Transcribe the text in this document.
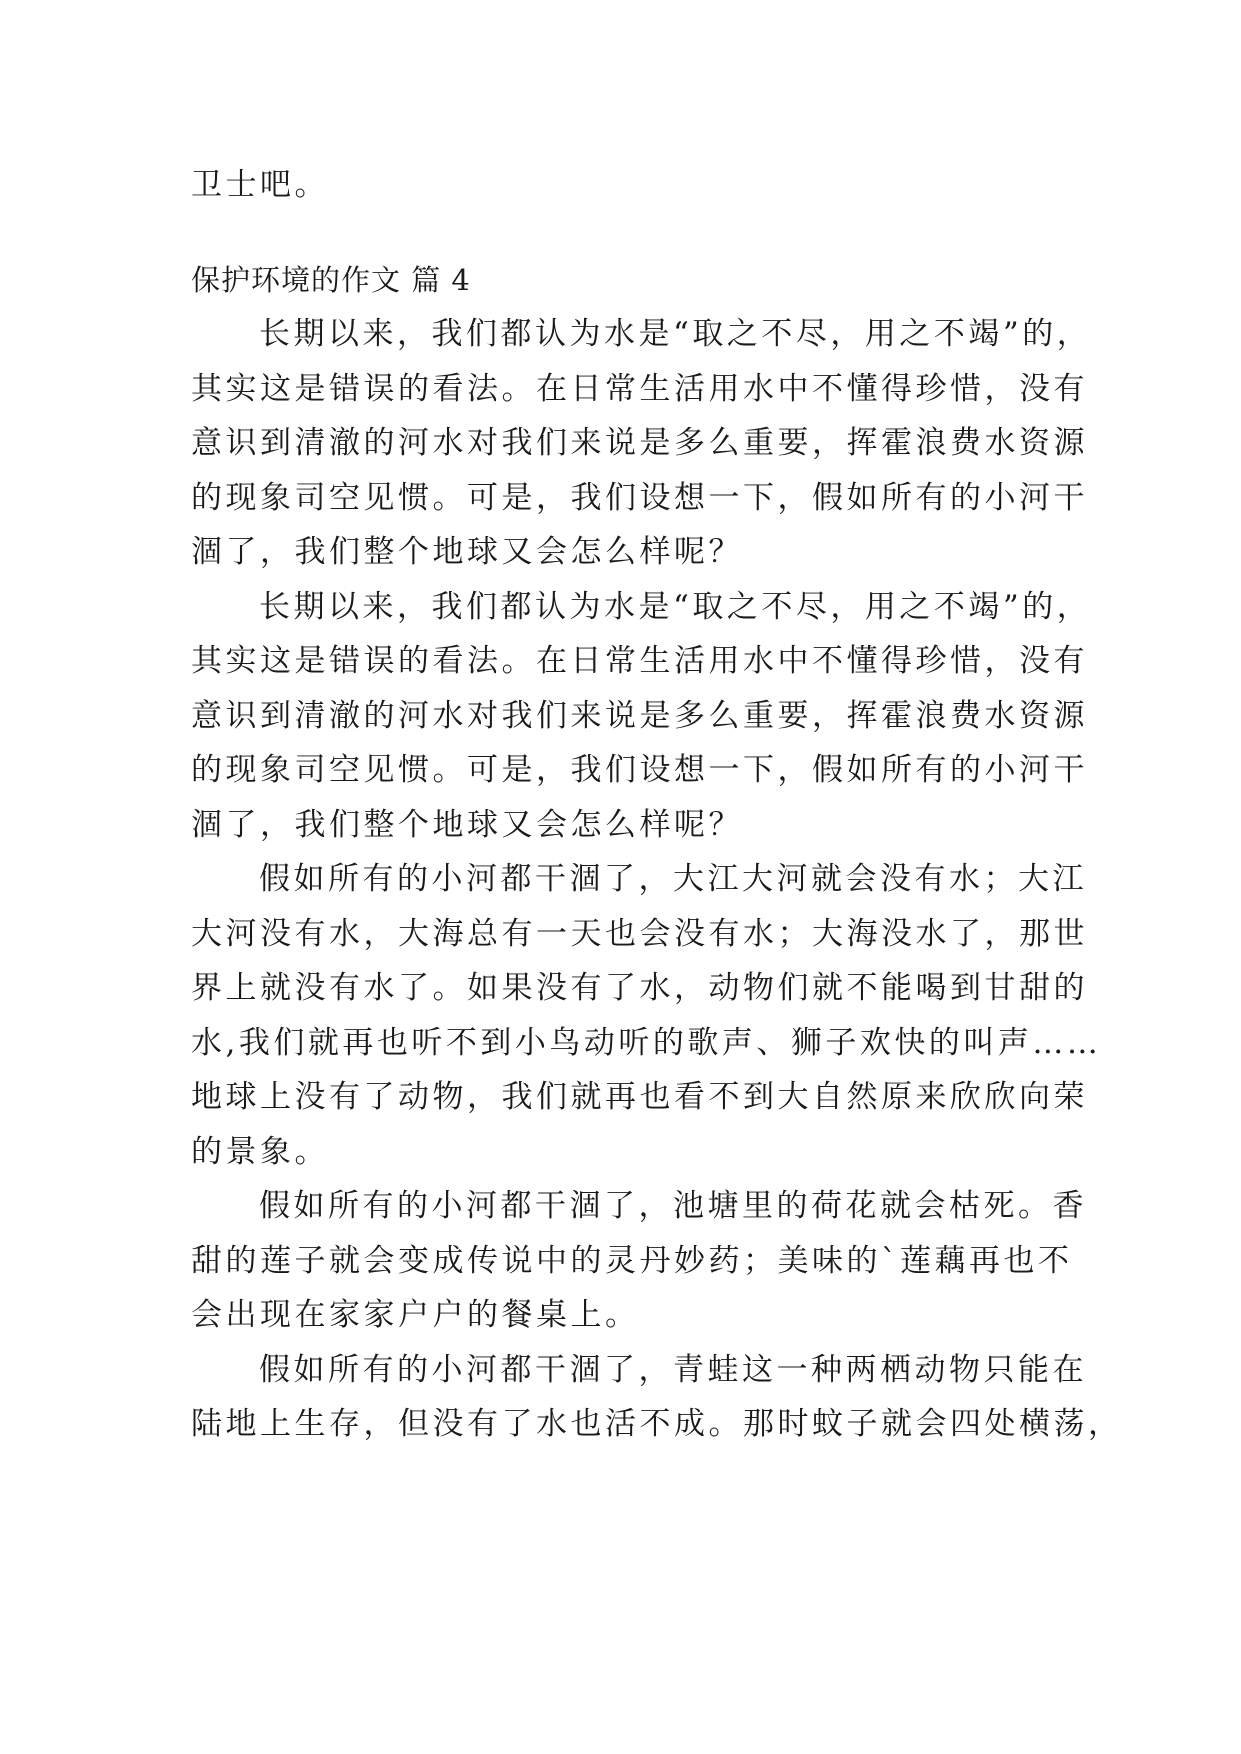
卫士吧。
保护环境的作文 篇 4
长期以来，我们都认为水是“取之不尽，用之不竭”的，
其实这是错误的看法。在日常生活用水中不懂得珍惜，没有
意识到清澈的河水对我们来说是多么重要，挥霍浪费水资源
的现象司空见惯。可是，我们设想一下，假如所有的小河干
涸了，我们整个地球又会怎么样呢？
长期以来，我们都认为水是“取之不尽，用之不竭”的，
其实这是错误的看法。在日常生活用水中不懂得珍惜，没有
意识到清澈的河水对我们来说是多么重要，挥霍浪费水资源
的现象司空见惯。可是，我们设想一下，假如所有的小河干
涸了，我们整个地球又会怎么样呢？
假如所有的小河都干涸了，大江大河就会没有水；大江
大河没有水，大海总有一天也会没有水；大海没水了，那世
界上就没有水了。如果没有了水，动物们就不能喝到甘甜的
水,我们就再也听不到小鸟动听的歌声、狮子欢快的叫声……
地球上没有了动物，我们就再也看不到大自然原来欣欣向荣
的景象。
假如所有的小河都干涸了，池塘里的荷花就会枯死。香
甜的莲子就会变成传说中的灵丹妙药；美味的`莲藕再也不
会出现在家家户户的餐桌上。
假如所有的小河都干涸了，青蛙这一种两栖动物只能在
陆地上生存，但没有了水也活不成。那时蚊子就会四处横荡，
